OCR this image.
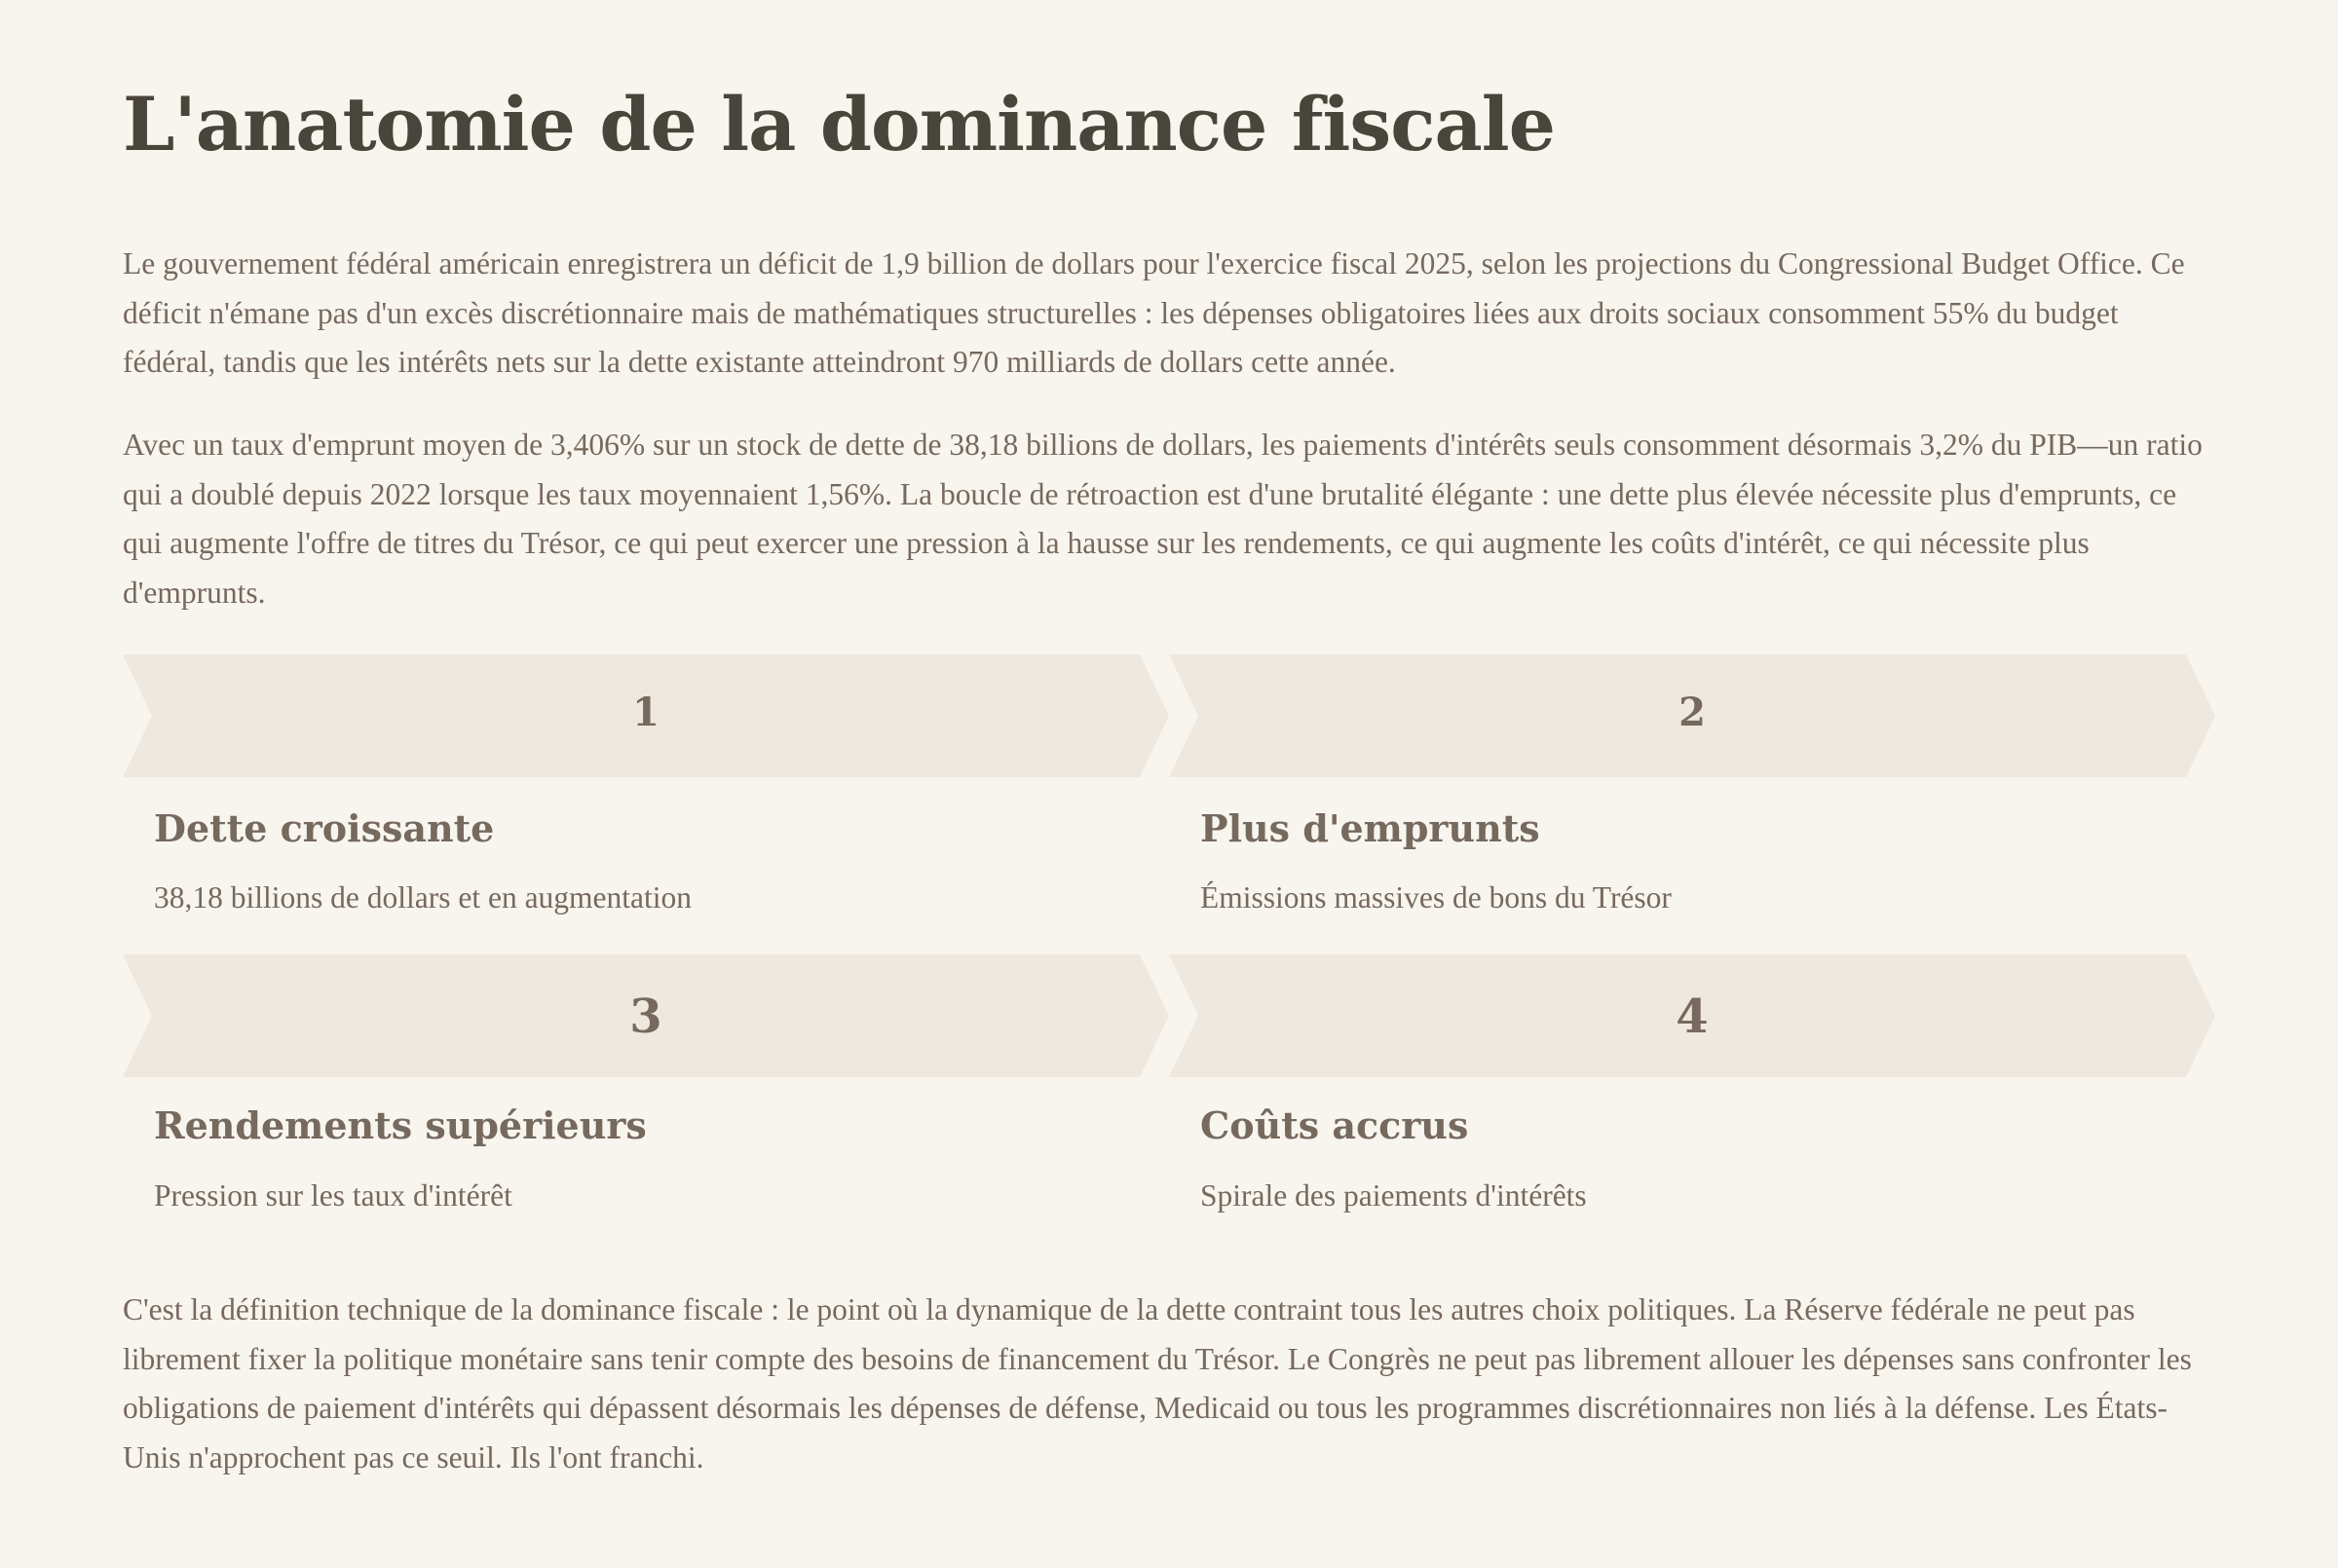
L'anatomie de la dominance fiscale

Le gouvernement fédéral américain enregistrera un déficit de 1,9 billion de dollars pour l'exercice fiscal 2025, selon les projections du Congressional Budget Office. Ce déficit n'émane pas d'un excès discrétionnaire mais de mathématiques structurelles : les dépenses obligatoires liées aux droits sociaux consomment 55% du budget fédéral, tandis que les intérêts nets sur la dette existante atteindront 970 milliards de dollars cette année.

Avec un taux d'emprunt moyen de 3,406% sur un stock de dette de 38,18 billions de dollars, les paiements d'intérêts seuls consomment désormais 3,2% du PIB—un ratio qui a doublé depuis 2022 lorsque les taux moyennaient 1,56%. La boucle de rétroaction est d'une brutalité élégante : une dette plus élevée nécessite plus d'emprunts, ce qui augmente l'offre de titres du Trésor, ce qui peut exercer une pression à la hausse sur les rendements, ce qui augmente les coûts d'intérêt, ce qui nécessite plus d'emprunts.

1
Dette croissante

38,18 billions de dollars et en augmentation

2
Plus d'emprunts

Émissions massives de bons du Trésor

3
Rendements supérieurs

Pression sur les taux d'intérêt

4
Coûts accrus

Spirale des paiements d'intérêts

C'est la définition technique de la dominance fiscale : le point où la dynamique de la dette contraint tous les autres choix politiques. La Réserve fédérale ne peut pas librement fixer la politique monétaire sans tenir compte des besoins de financement du Trésor. Le Congrès ne peut pas librement allouer les dépenses sans confronter les obligations de paiement d'intérêts qui dépassent désormais les dépenses de défense, Medicaid ou tous les programmes discrétionnaires non liés à la défense. Les États-Unis n'approchent pas ce seuil. Ils l'ont franchi.
